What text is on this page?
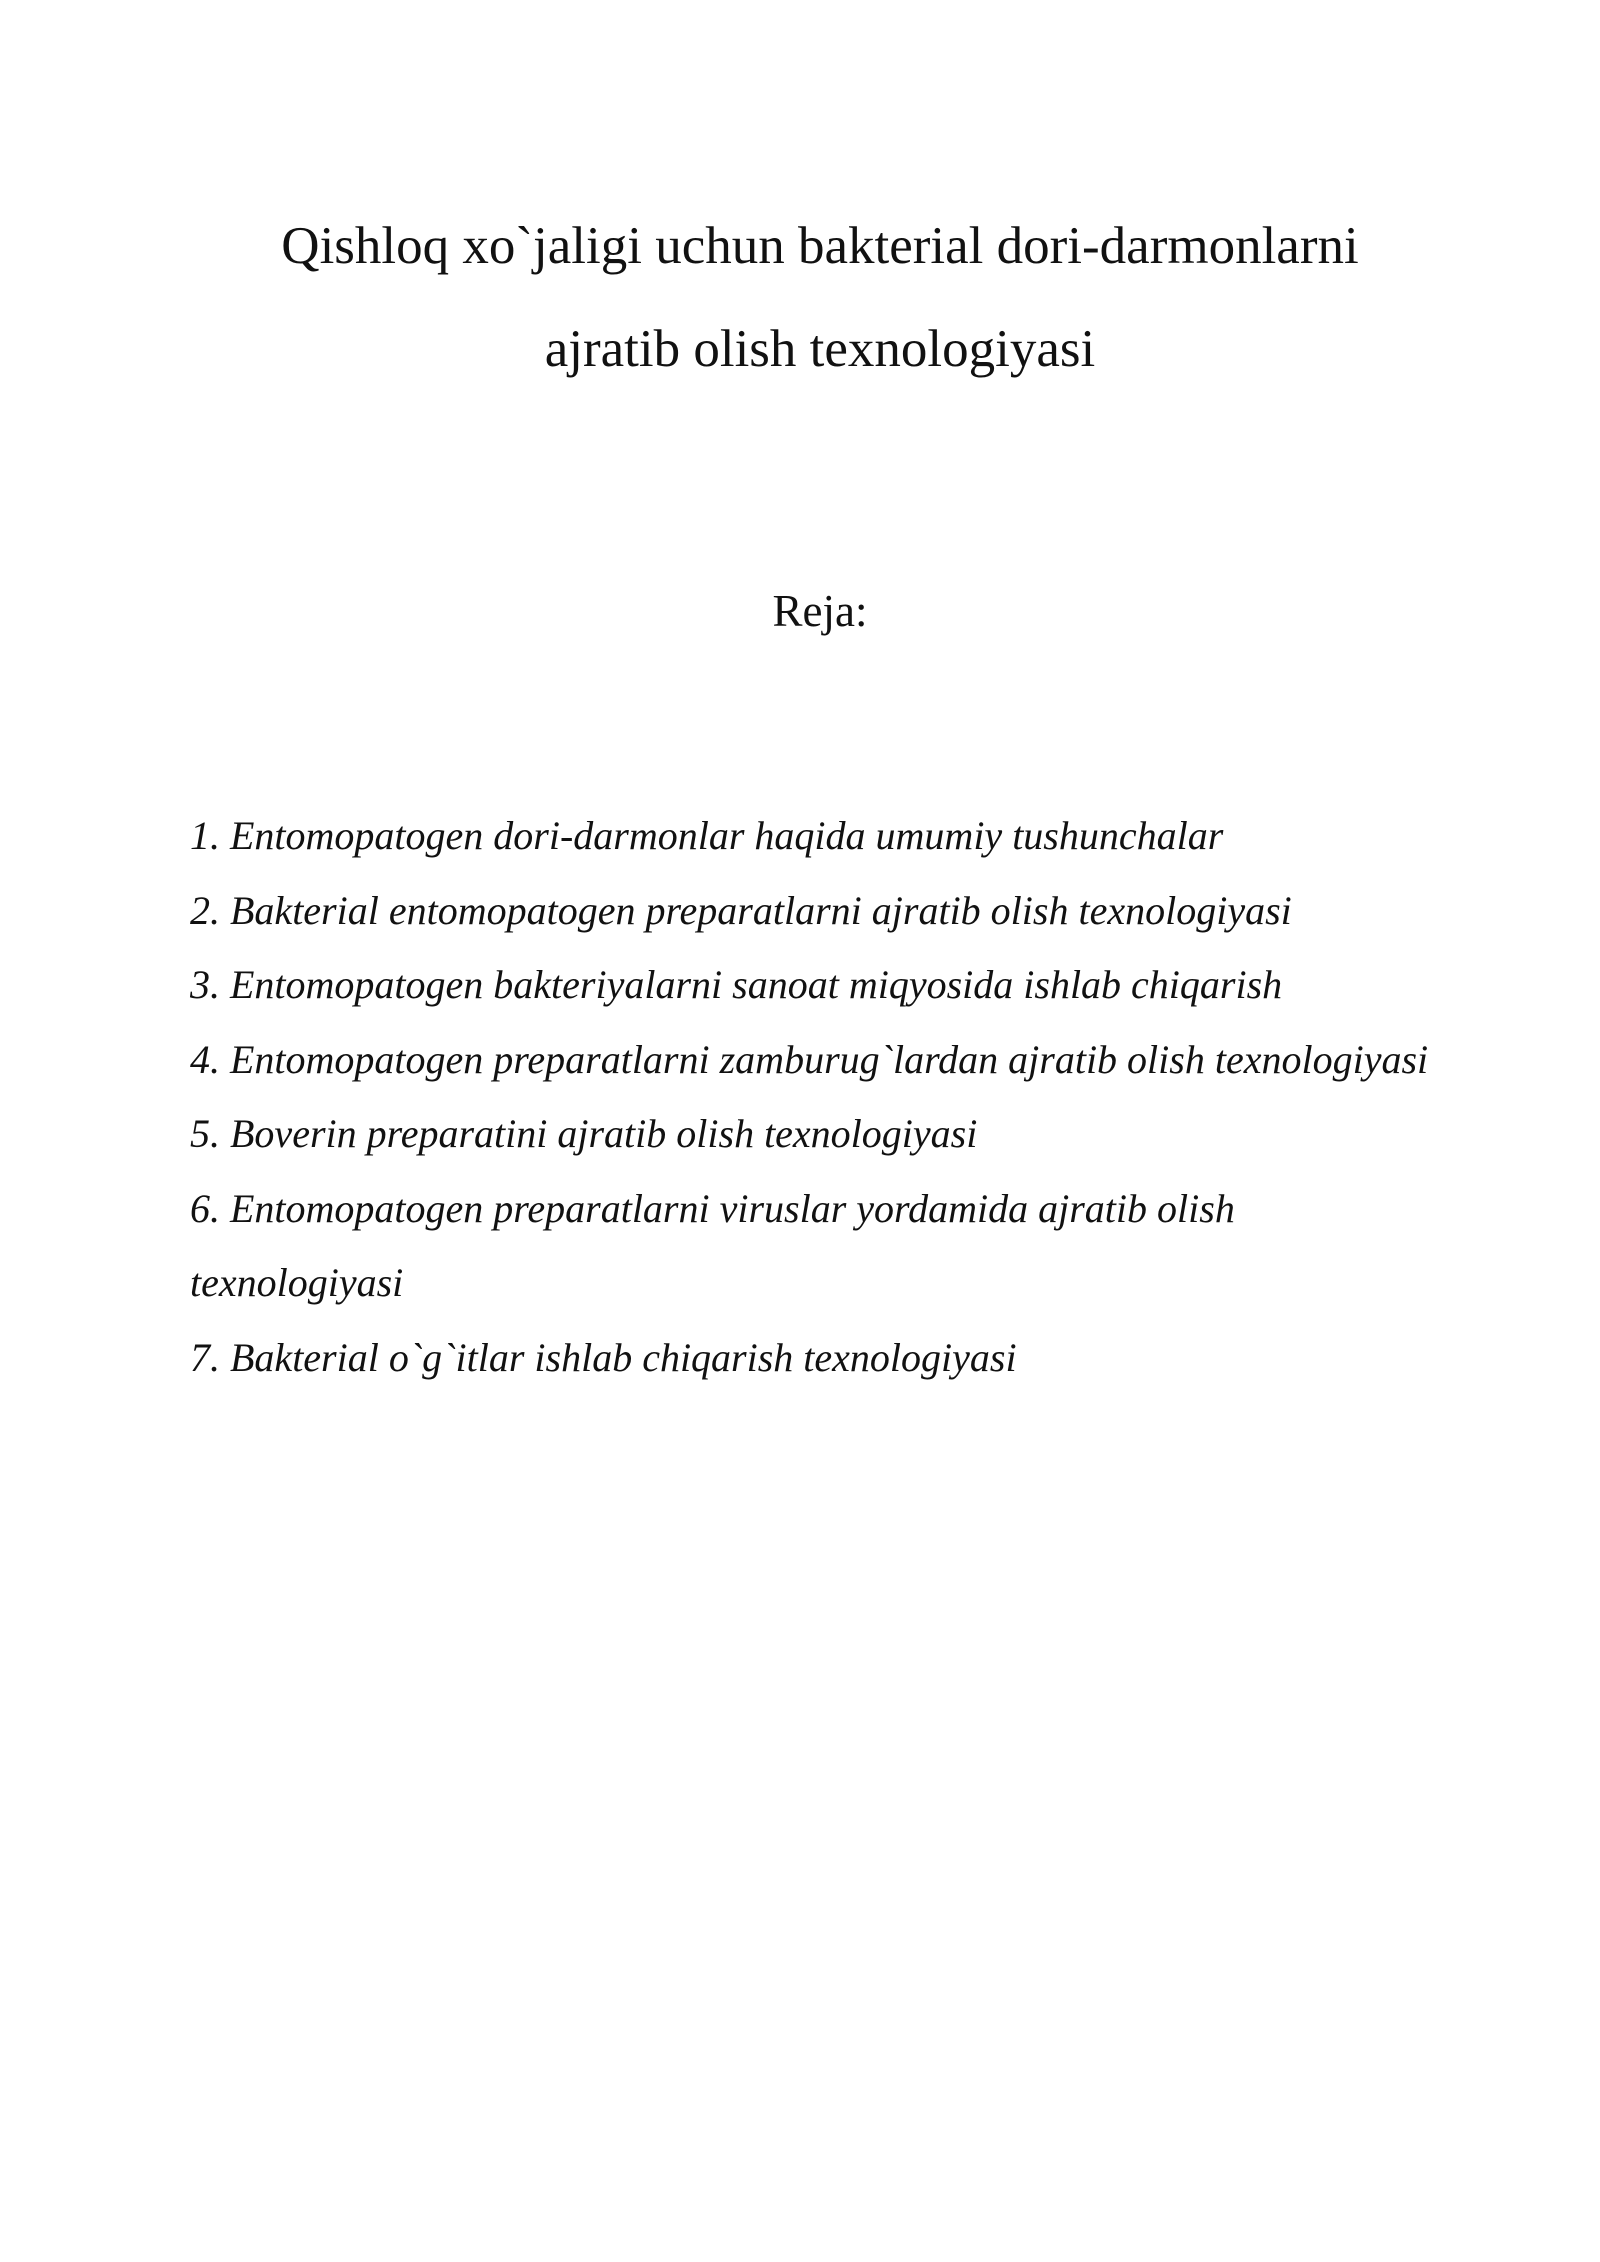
Qishloq xo`jaligi uchun bakterial dori-darmonlarni
ajratib olish texnologiyasi
Reja:
1. Entomopatogen dori-darmonlar haqida umumiy tushunchalar
2. Bakterial entomopatogen preparatlarni ajratib olish texnologiyasi
3. Entomopatogen bakteriyalarni sanoat miqyosida ishlab chiqarish
4. Entomopatogen preparatlarni zamburug`lardan ajratib olish texnologiyasi
5. Boverin preparatini ajratib olish texnologiyasi
6. Entomopatogen preparatlarni viruslar yordamida ajratib olish texnologiyasi
7. Bakterial o`g`itlar ishlab chiqarish texnologiyasi
